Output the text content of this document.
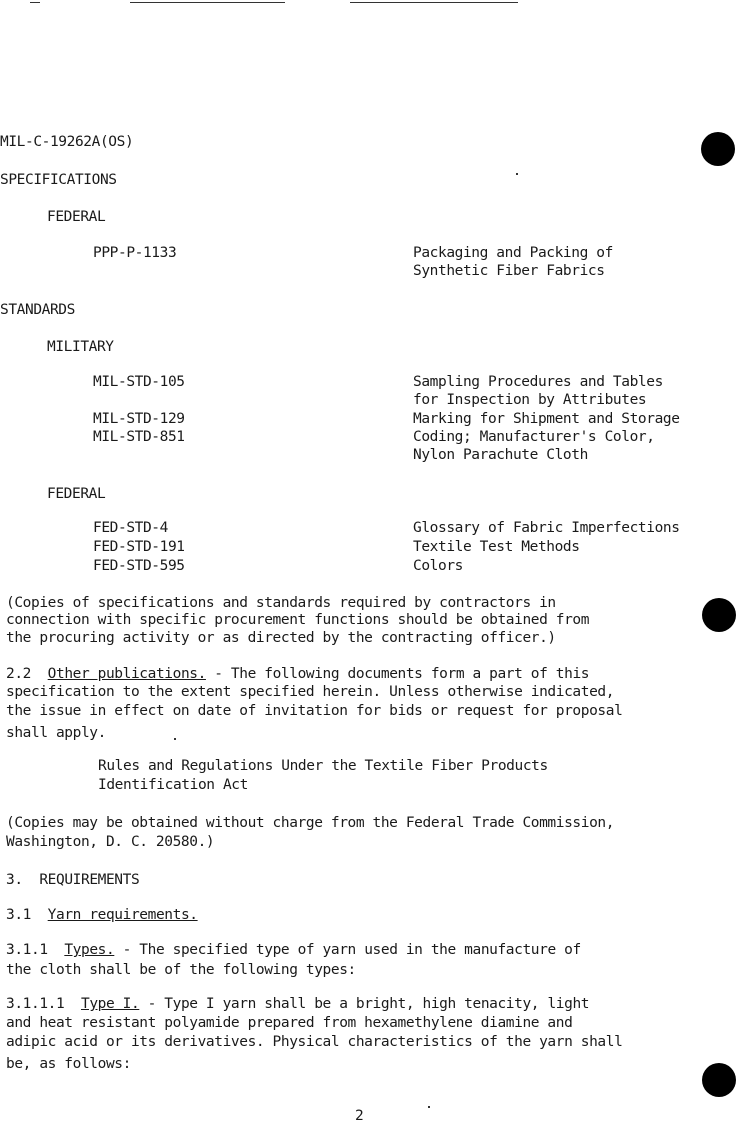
MIL-C-19262A(OS)
SPECIFICATIONS
FEDERAL
PPP-P-1133	Packaging and Packing of
Synthetic Fiber Fabrics
STANDARDS
MILITARY
MIL-STD-105	Sampling Procedures and Tables
for Inspection by Attributes
MIL-STD-129	Marking for Shipment and Storage
MIL-STD-851	Coding; Manufacturer's Color,
Nylon Parachute Cloth
FEDERAL
FED-STD-4	Glossary of Fabric Imperfections
FED-STD-191	Textile Test Methods
FED-STD-595	Colors
(Copies of specifications and standards required by contractors in
connection with specific procurement functions should be obtained from
the procuring activity or as directed by the contracting officer.)
2.2 Other publications. - The following documents form a part of this
specification to the extent specified herein. Unless otherwise indicated,
the issue in effect on date of invitation for bids or request for proposal
shall apply.
Rules and Regulations Under the Textile Fiber Products
Identification Act
(Copies may be obtained without charge from the Federal Trade Commission,
Washington, D. C. 20580.)
3. REQUIREMENTS
3.1 Yarn requirements.
3.1.1 Types. - The specified type of yarn used in the manufacture of
the cloth shall be of the following types:
3.1.1.1 Type I. - Type I yarn shall be a bright, high tenacity, light
and heat resistant polyamide prepared from hexamethylene diamine and
adipic acid or its derivatives. Physical characteristics of the yarn shall
be, as follows:
2
